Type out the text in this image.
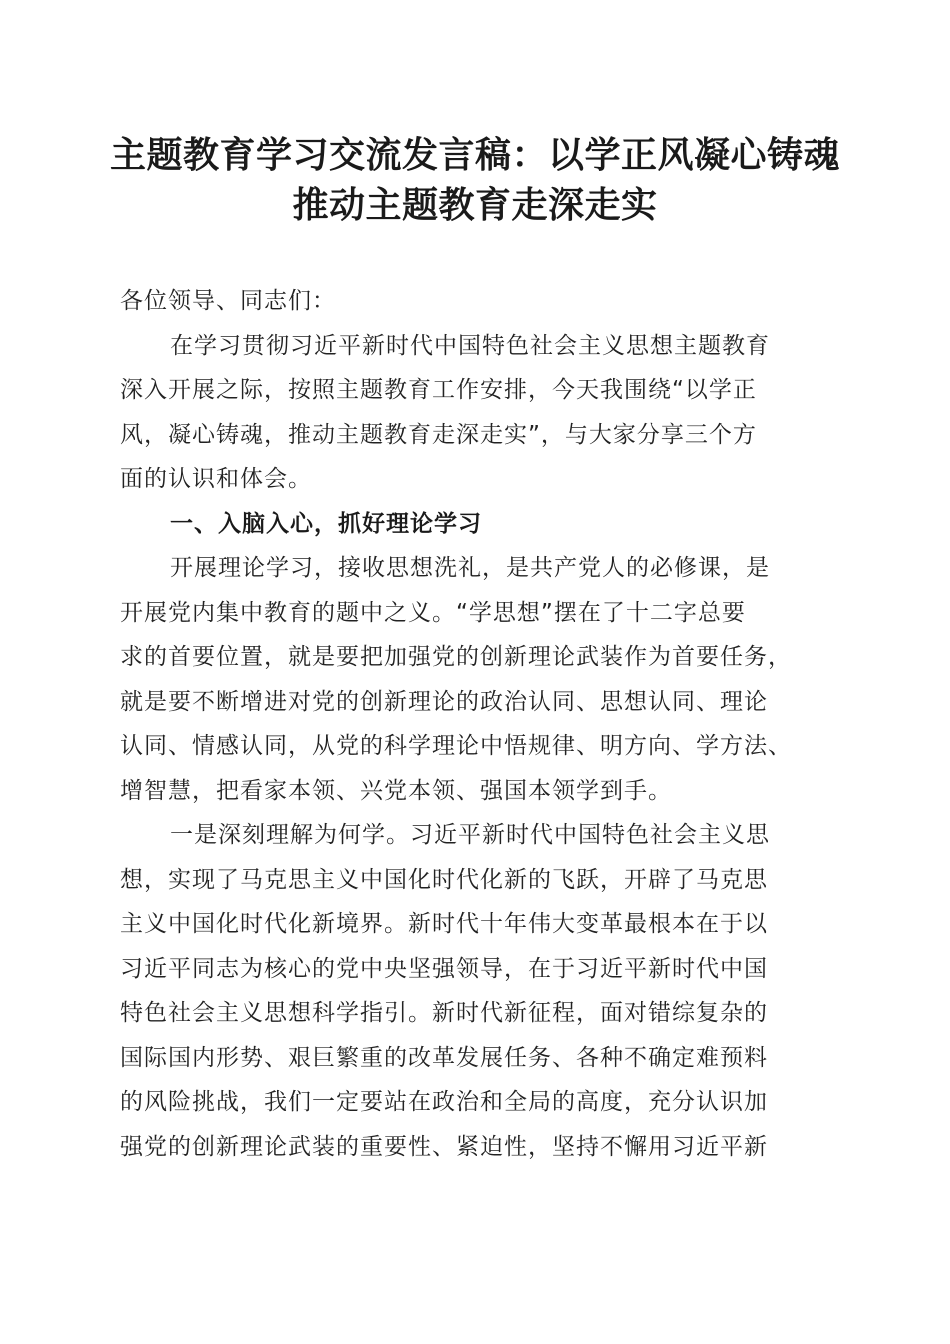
主题教育学习交流发言稿：以学正风凝心铸魂
推动主题教育走深走实
各位领导、同志们：
在学习贯彻习近平新时代中国特色社会主义思想主题教育
深入开展之际，按照主题教育工作安排，今天我围绕“以学正
风，凝心铸魂，推动主题教育走深走实”，与大家分享三个方
面的认识和体会。
一、入脑入心，抓好理论学习
开展理论学习，接收思想洗礼，是共产党人的必修课，是
开展党内集中教育的题中之义。“学思想”摆在了十二字总要
求的首要位置，就是要把加强党的创新理论武装作为首要任务，
就是要不断增进对党的创新理论的政治认同、思想认同、理论
认同、情感认同，从党的科学理论中悟规律、明方向、学方法、
增智慧，把看家本领、兴党本领、强国本领学到手。
一是深刻理解为何学。习近平新时代中国特色社会主义思
想，实现了马克思主义中国化时代化新的飞跃，开辟了马克思
主义中国化时代化新境界。新时代十年伟大变革最根本在于以
习近平同志为核心的党中央坚强领导，在于习近平新时代中国
特色社会主义思想科学指引。新时代新征程，面对错综复杂的
国际国内形势、艰巨繁重的改革发展任务、各种不确定难预料
的风险挑战，我们一定要站在政治和全局的高度，充分认识加
强党的创新理论武装的重要性、紧迫性，坚持不懈用习近平新
